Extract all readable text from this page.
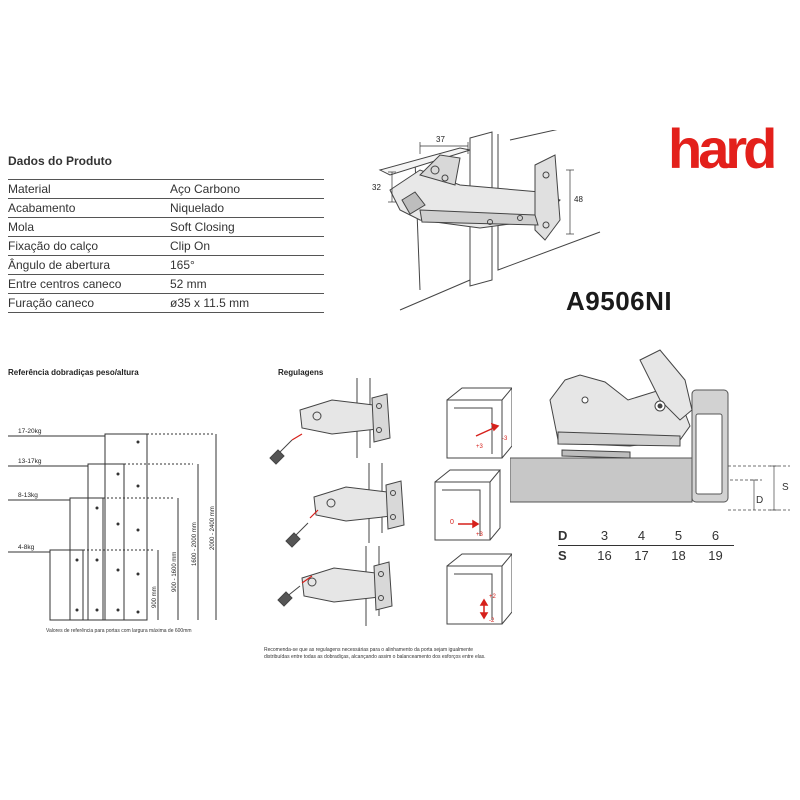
hard
Dados do Produto
Material	Aço Carbono
Acabamento	Niquelado
Mola	Soft Closing
Fixação do calço	Clip On
Ângulo de abertura	165°
Entre centros caneco	52 mm
Furação caneco	ø35 x 11.5 mm
37
32
48
A9506NI
Referência dobradiças peso/altura
17-20kg
13-17kg
8-13kg
4-8kg
900 mm
900 - 1600 mm
1600 - 2000 mm 2000 - 2400 mm
Valores de referência para portas com largura máxima de 600mm
Regulagens
-3
+3
0
+3
+2
-2
Recomenda-se que as regulagens necessárias para o alinhamento da porta sejam igualmente
distribuídas entre todas as dobradiças, alcançando assim o balanceamento dos esforços entre elas.
S
D
D	3	4	5	6
S	16	17	18	19
